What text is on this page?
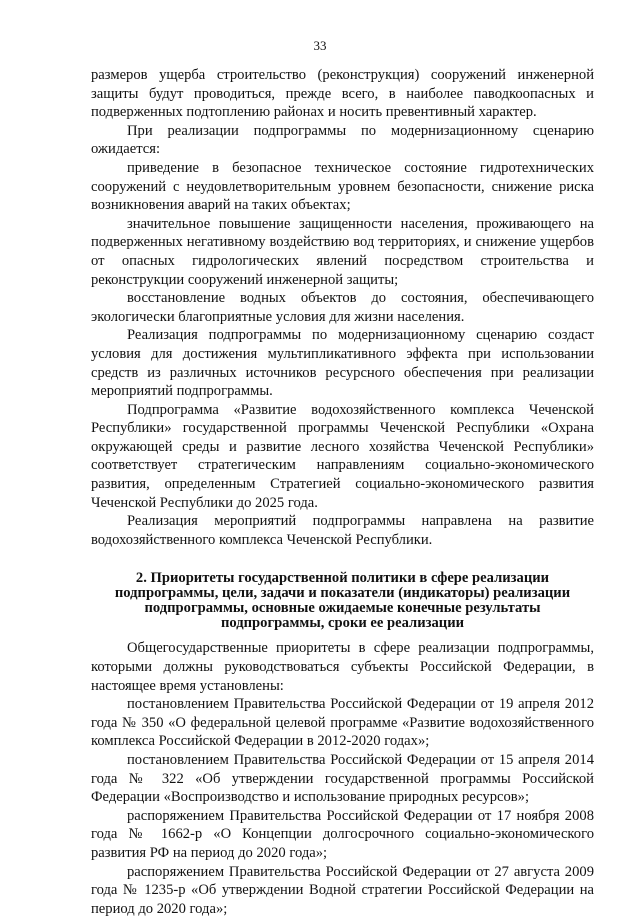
33

размеров ущерба строительство (реконструкция) сооружений инженерной защиты будут проводиться, прежде всего, в наиболее паводкоопасных и подверженных подтоплению районах и носить превентивный характер.

При реализации подпрограммы по модернизационному сценарию ожидается:

приведение в безопасное техническое состояние гидротехнических сооружений с неудовлетворительным уровнем безопасности, снижение риска возникновения аварий на таких объектах;

значительное повышение защищенности населения, проживающего на подверженных негативному воздействию вод территориях, и снижение ущербов от опасных гидрологических явлений посредством строительства и реконструкции сооружений инженерной защиты;

восстановление водных объектов до состояния, обеспечивающего экологически благоприятные условия для жизни населения.

Реализация подпрограммы по модернизационному сценарию создаст условия для достижения мультипликативного эффекта при использовании средств из различных источников ресурсного обеспечения при реализации мероприятий подпрограммы.

Подпрограмма «Развитие водохозяйственного комплекса Чеченской Республики» государственной программы Чеченской Республики «Охрана окружающей среды и развитие лесного хозяйства Чеченской Республики» соответствует стратегическим направлениям социально-экономического развития, определенным Стратегией социально-экономического развития Чеченской Республики до 2025 года.

Реализация мероприятий подпрограммы направлена на развитие водохозяйственного комплекса Чеченской Республики.

2. Приоритеты государственной политики в сфере реализации подпрограммы, цели, задачи и показатели (индикаторы) реализации подпрограммы, основные ожидаемые конечные результаты подпрограммы, сроки ее реализации

Общегосударственные приоритеты в сфере реализации подпрограммы, которыми должны руководствоваться субъекты Российской Федерации, в настоящее время установлены:

постановлением Правительства Российской Федерации от 19 апреля 2012 года № 350 «О федеральной целевой программе «Развитие водохозяйственного комплекса Российской Федерации в 2012-2020 годах»;

постановлением Правительства Российской Федерации от 15 апреля 2014 года № 322 «Об утверждении государственной программы Российской Федерации «Воспроизводство и использование природных ресурсов»;

распоряжением Правительства Российской Федерации от 17 ноября 2008 года № 1662-р «О Концепции долгосрочного социально-экономического развития РФ на период до 2020 года»;

распоряжением Правительства Российской Федерации от 27 августа 2009 года № 1235-р «Об утверждении Водной стратегии Российской Федерации на период до 2020 года»;
